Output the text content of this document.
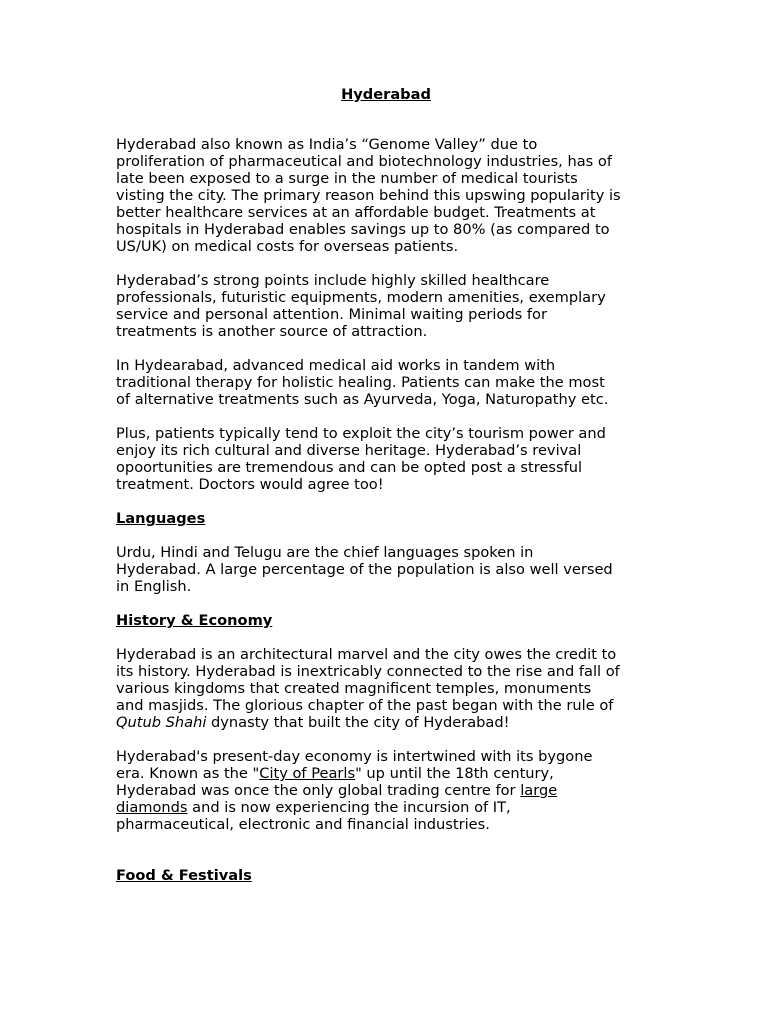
Hyderabad
Hyderabad also known as India’s “Genome Valley” due to
proliferation of pharmaceutical and biotechnology industries, has of
late been exposed to a surge in the number of medical tourists
visting the city. The primary reason behind this upswing popularity is
better healthcare services at an affordable budget. Treatments at
hospitals in Hyderabad enables savings up to 80% (as compared to
US/UK) on medical costs for overseas patients.
Hyderabad’s strong points include highly skilled healthcare
professionals, futuristic equipments, modern amenities, exemplary
service and personal attention. Minimal waiting periods for
treatments is another source of attraction.
In Hydearabad, advanced medical aid works in tandem with
traditional therapy for holistic healing. Patients can make the most
of alternative treatments such as Ayurveda, Yoga, Naturopathy etc.
Plus, patients typically tend to exploit the city’s tourism power and
enjoy its rich cultural and diverse heritage. Hyderabad’s revival
opoortunities are tremendous and can be opted post a stressful
treatment. Doctors would agree too!
Languages
Urdu, Hindi and Telugu are the chief languages spoken in
Hyderabad. A large percentage of the population is also well versed
in English.
History & Economy
Hyderabad is an architectural marvel and the city owes the credit to
its history. Hyderabad is inextricably connected to the rise and fall of
various kingdoms that created magnificent temples, monuments
and masjids. The glorious chapter of the past began with the rule of
Qutub Shahi dynasty that built the city of Hyderabad!
Hyderabad's present-day economy is intertwined with its bygone
era. Known as the "City of Pearls" up until the 18th century,
Hyderabad was once the only global trading centre for large
diamonds and is now experiencing the incursion of IT,
pharmaceutical, electronic and financial industries.
Food & Festivals
